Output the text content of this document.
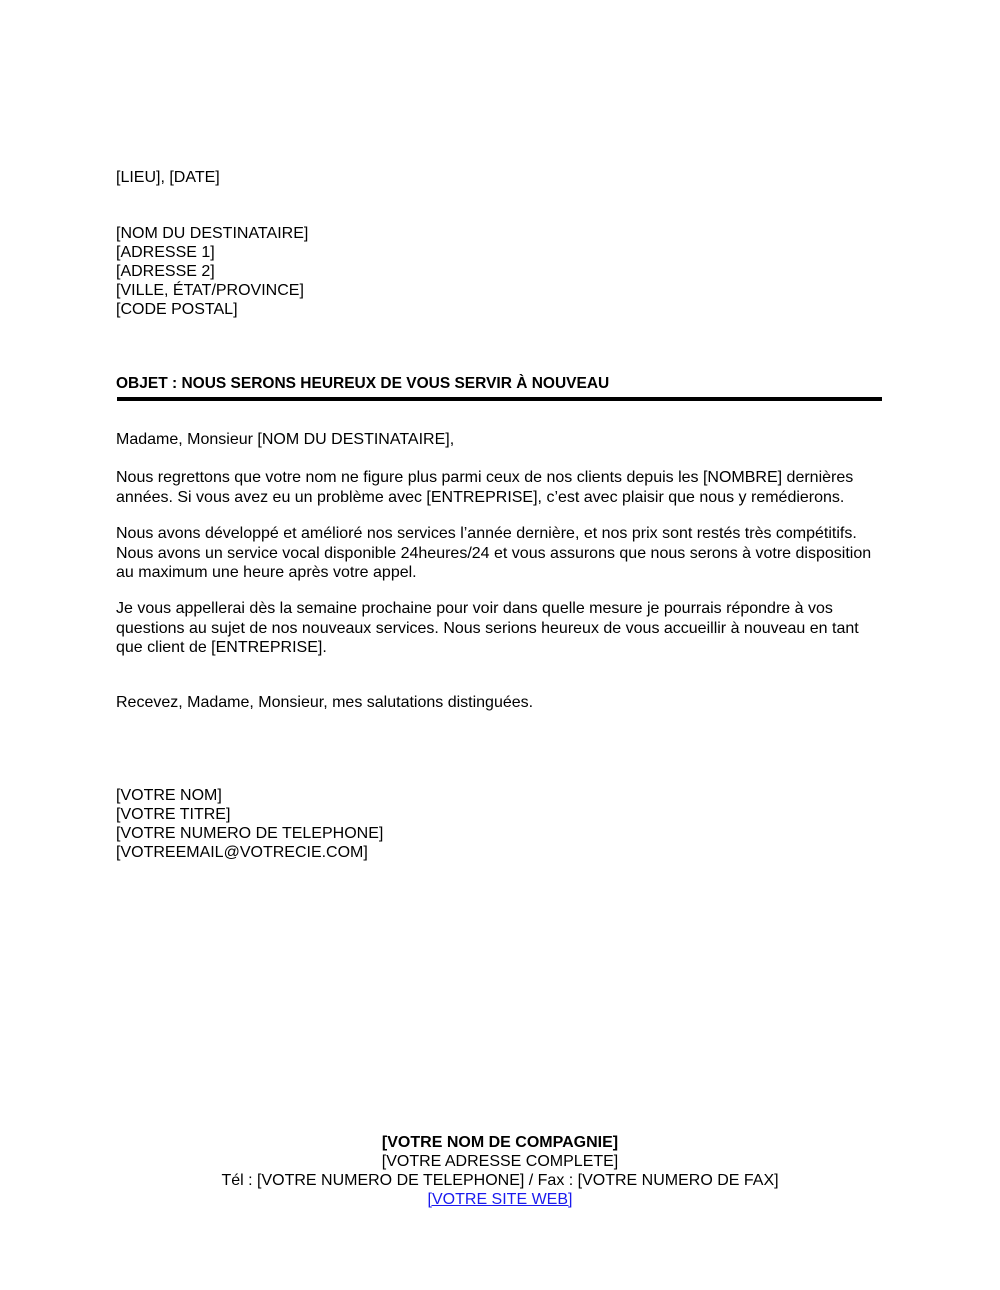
[LIEU], [DATE]
[NOM DU DESTINATAIRE]
[ADRESSE 1]
[ADRESSE 2]
[VILLE, ÉTAT/PROVINCE]
[CODE POSTAL]
OBJET : NOUS SERONS HEUREUX DE VOUS SERVIR À NOUVEAU
Madame, Monsieur [NOM DU DESTINATAIRE],
Nous regrettons que votre nom ne figure plus parmi ceux de nos clients depuis les [NOMBRE] dernières années. Si vous avez eu un problème avec [ENTREPRISE], c’est avec plaisir que nous y remédierons.
Nous avons développé et amélioré nos services l’année dernière, et nos prix sont restés très compétitifs. Nous avons un service vocal disponible 24heures/24 et vous assurons que nous serons à votre disposition au maximum une heure après votre appel.
Je vous appellerai dès la semaine prochaine pour voir dans quelle mesure je pourrais répondre à vos questions au sujet de nos nouveaux services. Nous serions heureux de vous accueillir à nouveau en tant que client de [ENTREPRISE].
Recevez, Madame, Monsieur, mes salutations distinguées.
[VOTRE NOM]
[VOTRE TITRE]
[VOTRE NUMERO DE TELEPHONE]
[VOTREEMAIL@VOTRECIE.COM]
[VOTRE NOM DE COMPAGNIE]
[VOTRE ADRESSE COMPLETE]
Tél : [VOTRE NUMERO DE TELEPHONE] / Fax : [VOTRE NUMERO DE FAX]
[VOTRE SITE WEB]
